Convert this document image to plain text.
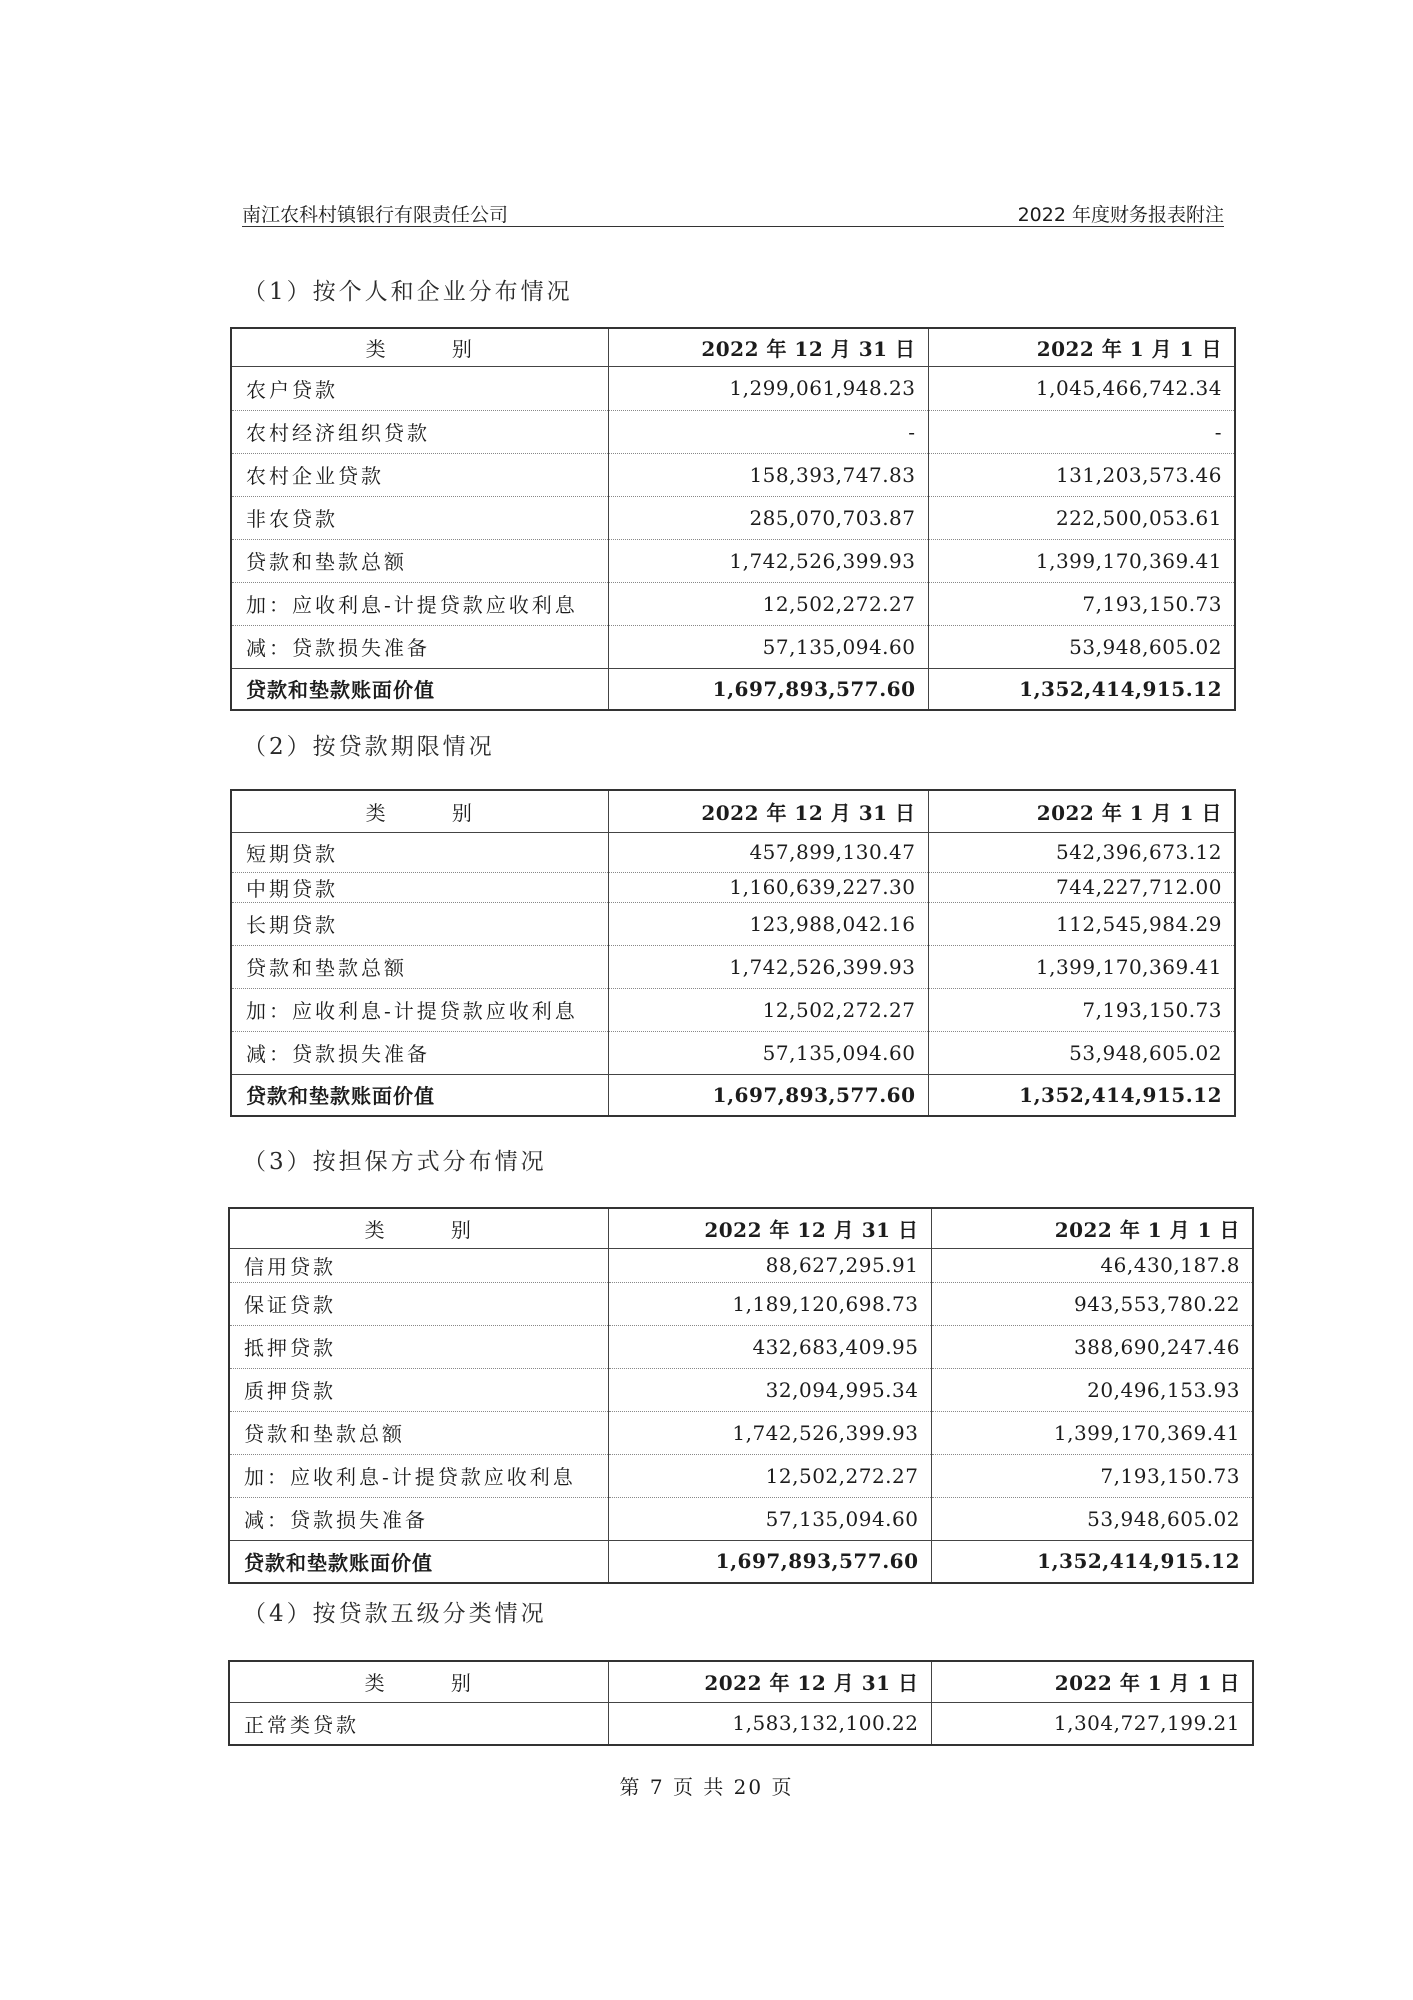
南江农科村镇银行有限责任公司	2022 年度财务报表附注
（1）按个人和企业分布情况
类 别	2022 年 12 月 31 日	2022 年 1 月 1 日
农户贷款	1,299,061,948.23	1,045,466,742.34
农村经济组织贷款	-	-
农村企业贷款	158,393,747.83	131,203,573.46
非农贷款	285,070,703.87	222,500,053.61
贷款和垫款总额	1,742,526,399.93	1,399,170,369.41
加：应收利息-计提贷款应收利息	12,502,272.27	7,193,150.73
减：贷款损失准备	57,135,094.60	53,948,605.02
贷款和垫款账面价值	1,697,893,577.60	1,352,414,915.12
（2）按贷款期限情况
类 别	2022 年 12 月 31 日	2022 年 1 月 1 日
短期贷款	457,899,130.47	542,396,673.12
中期贷款	1,160,639,227.30	744,227,712.00
长期贷款	123,988,042.16	112,545,984.29
贷款和垫款总额	1,742,526,399.93	1,399,170,369.41
加：应收利息-计提贷款应收利息	12,502,272.27	7,193,150.73
减：贷款损失准备	57,135,094.60	53,948,605.02
贷款和垫款账面价值	1,697,893,577.60	1,352,414,915.12
（3）按担保方式分布情况
类 别	2022 年 12 月 31 日	2022 年 1 月 1 日
信用贷款	88,627,295.91	46,430,187.8
保证贷款	1,189,120,698.73	943,553,780.22
抵押贷款	432,683,409.95	388,690,247.46
质押贷款	32,094,995.34	20,496,153.93
贷款和垫款总额	1,742,526,399.93	1,399,170,369.41
加：应收利息-计提贷款应收利息	12,502,272.27	7,193,150.73
减：贷款损失准备	57,135,094.60	53,948,605.02
贷款和垫款账面价值	1,697,893,577.60	1,352,414,915.12
（4）按贷款五级分类情况
类 别	2022 年 12 月 31 日	2022 年 1 月 1 日
正常类贷款	1,583,132,100.22	1,304,727,199.21
第 7 页 共 20 页
